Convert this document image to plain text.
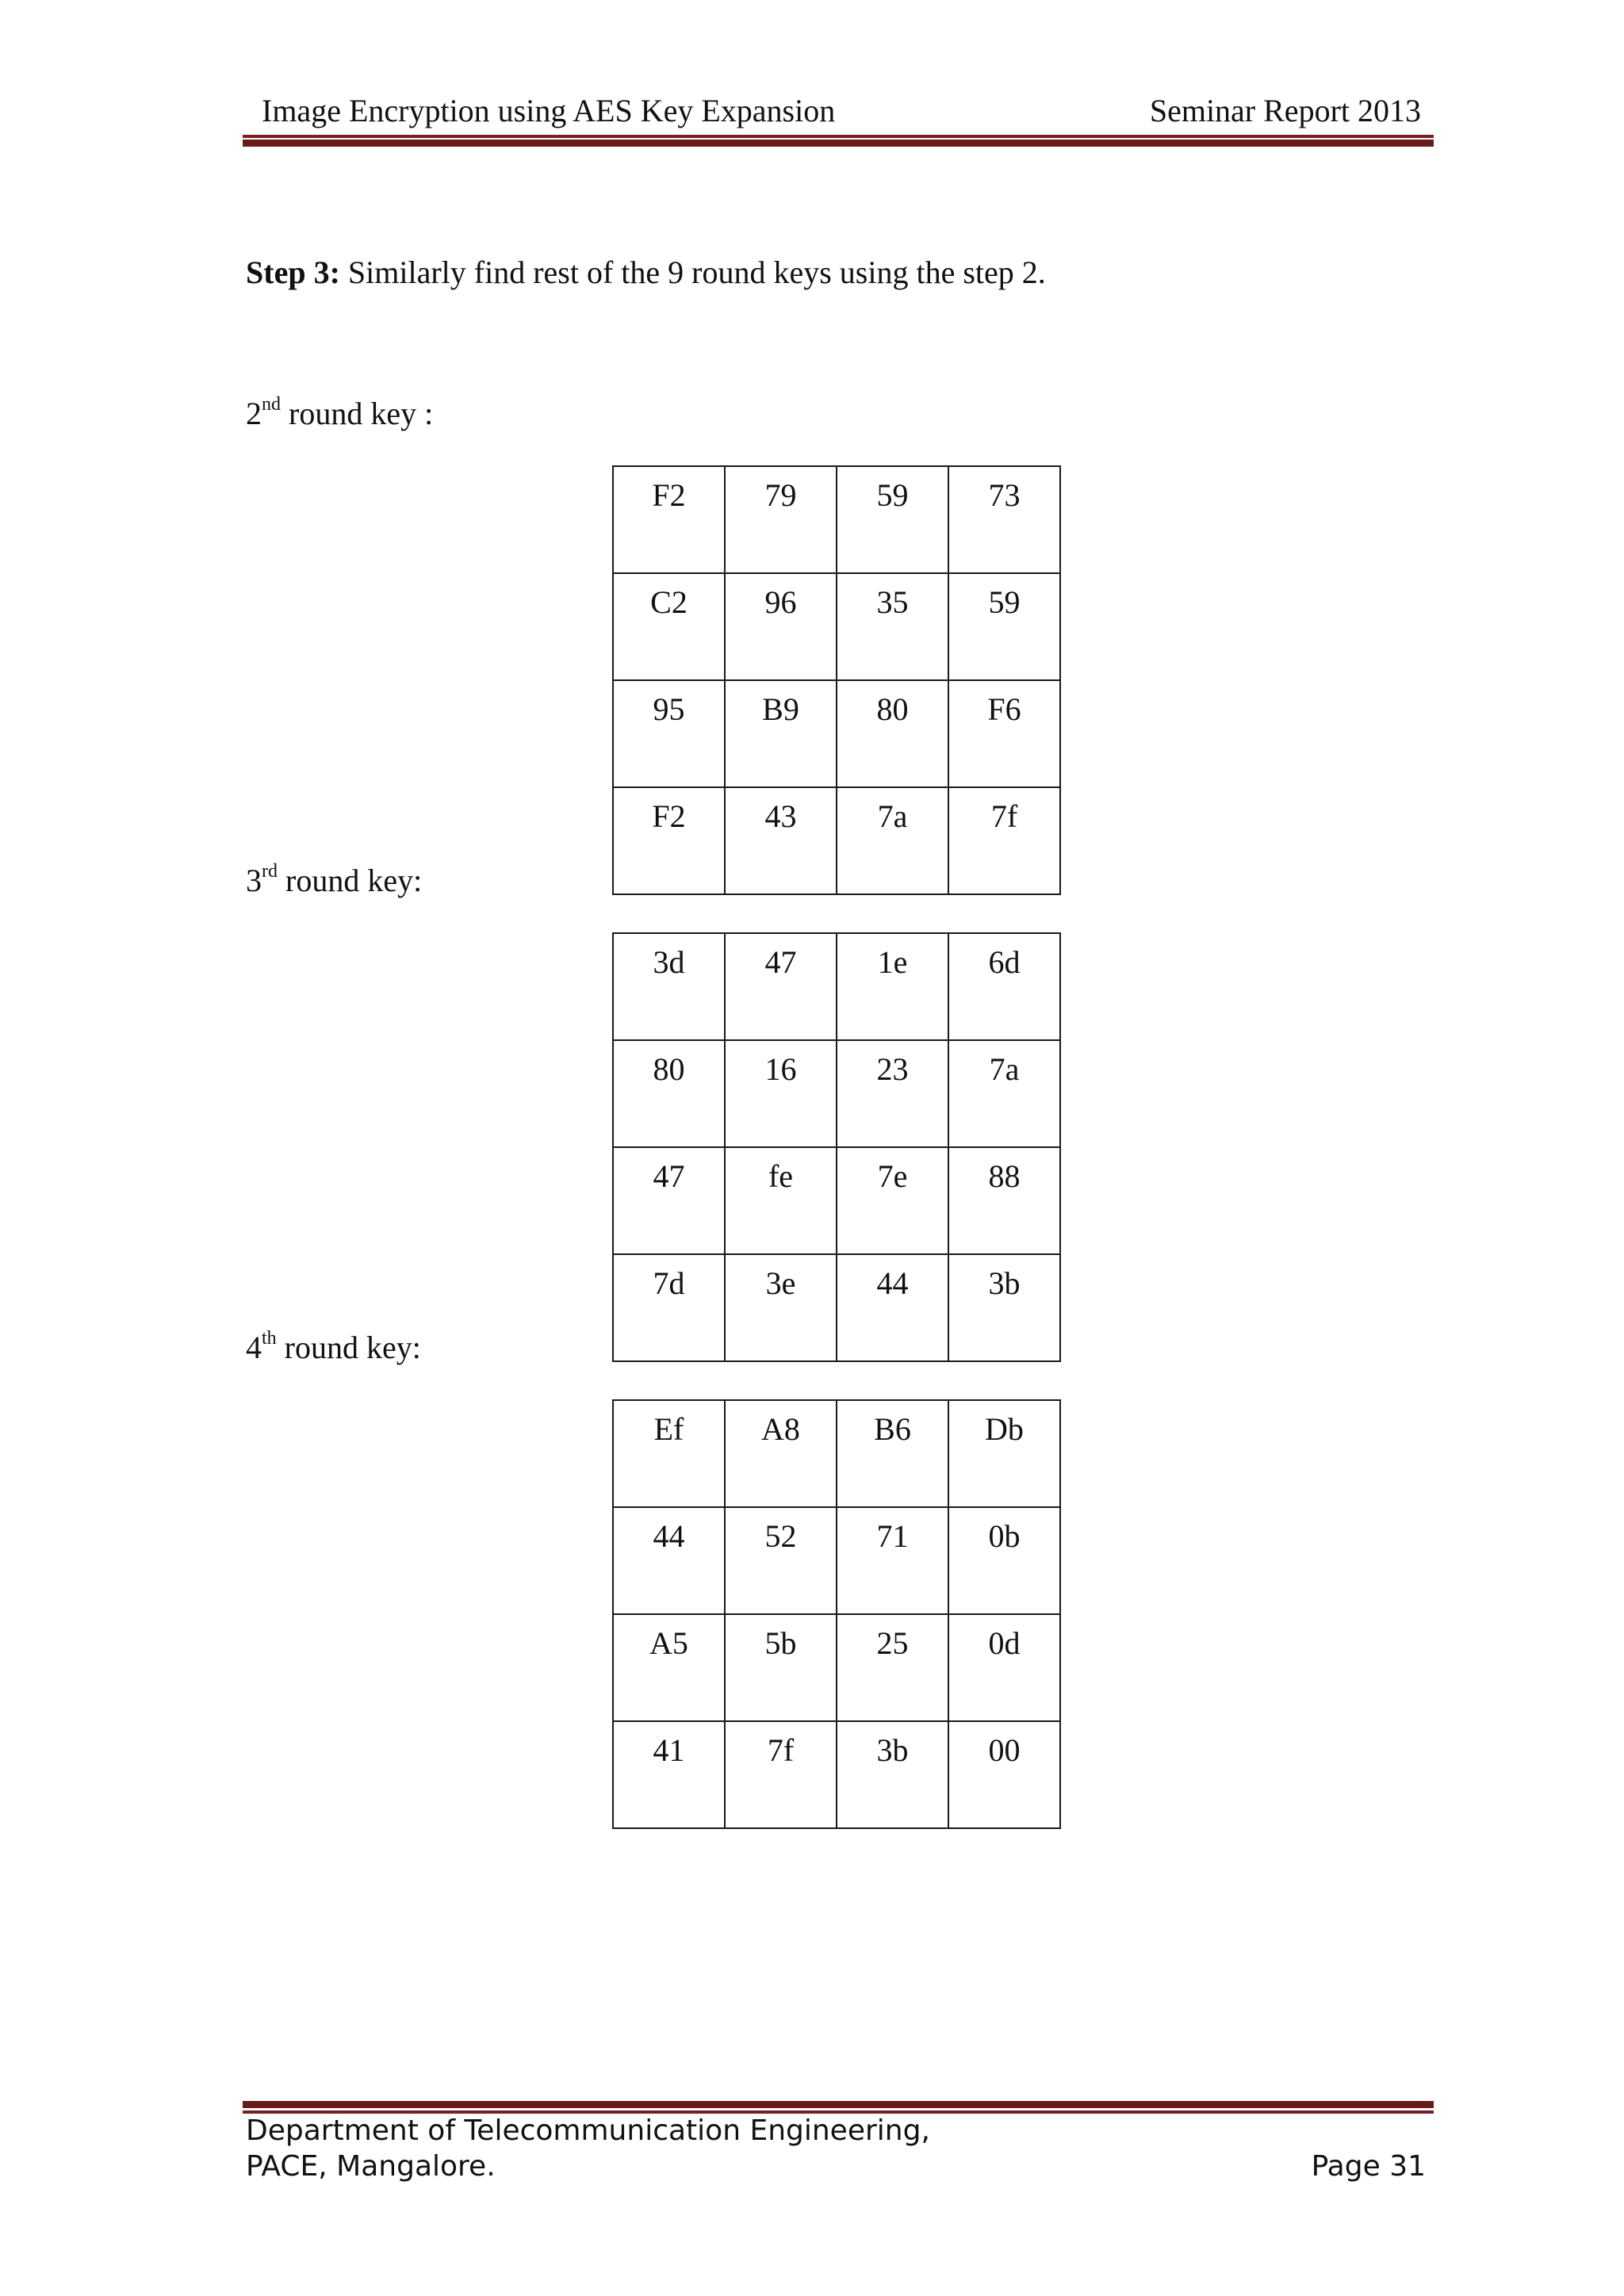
Image Encryption using AES Key Expansion	Seminar Report 2013
Step 3: Similarly find rest of the 9 round keys using the step 2.
2nd round key :
F2	79	59	73
C2	96	35	59
95	B9	80	F6
F2	43	7a	7f
3rd round key:
3d	47	1e	6d
80	16	23	7a
47	fe	7e	88
7d	3e	44	3b
4th round key:
Ef	A8	B6	Db
44	52	71	0b
A5	5b	25	0d
41	7f	3b	00
Department of Telecommunication Engineering,
PACE, Mangalore.	Page 31
